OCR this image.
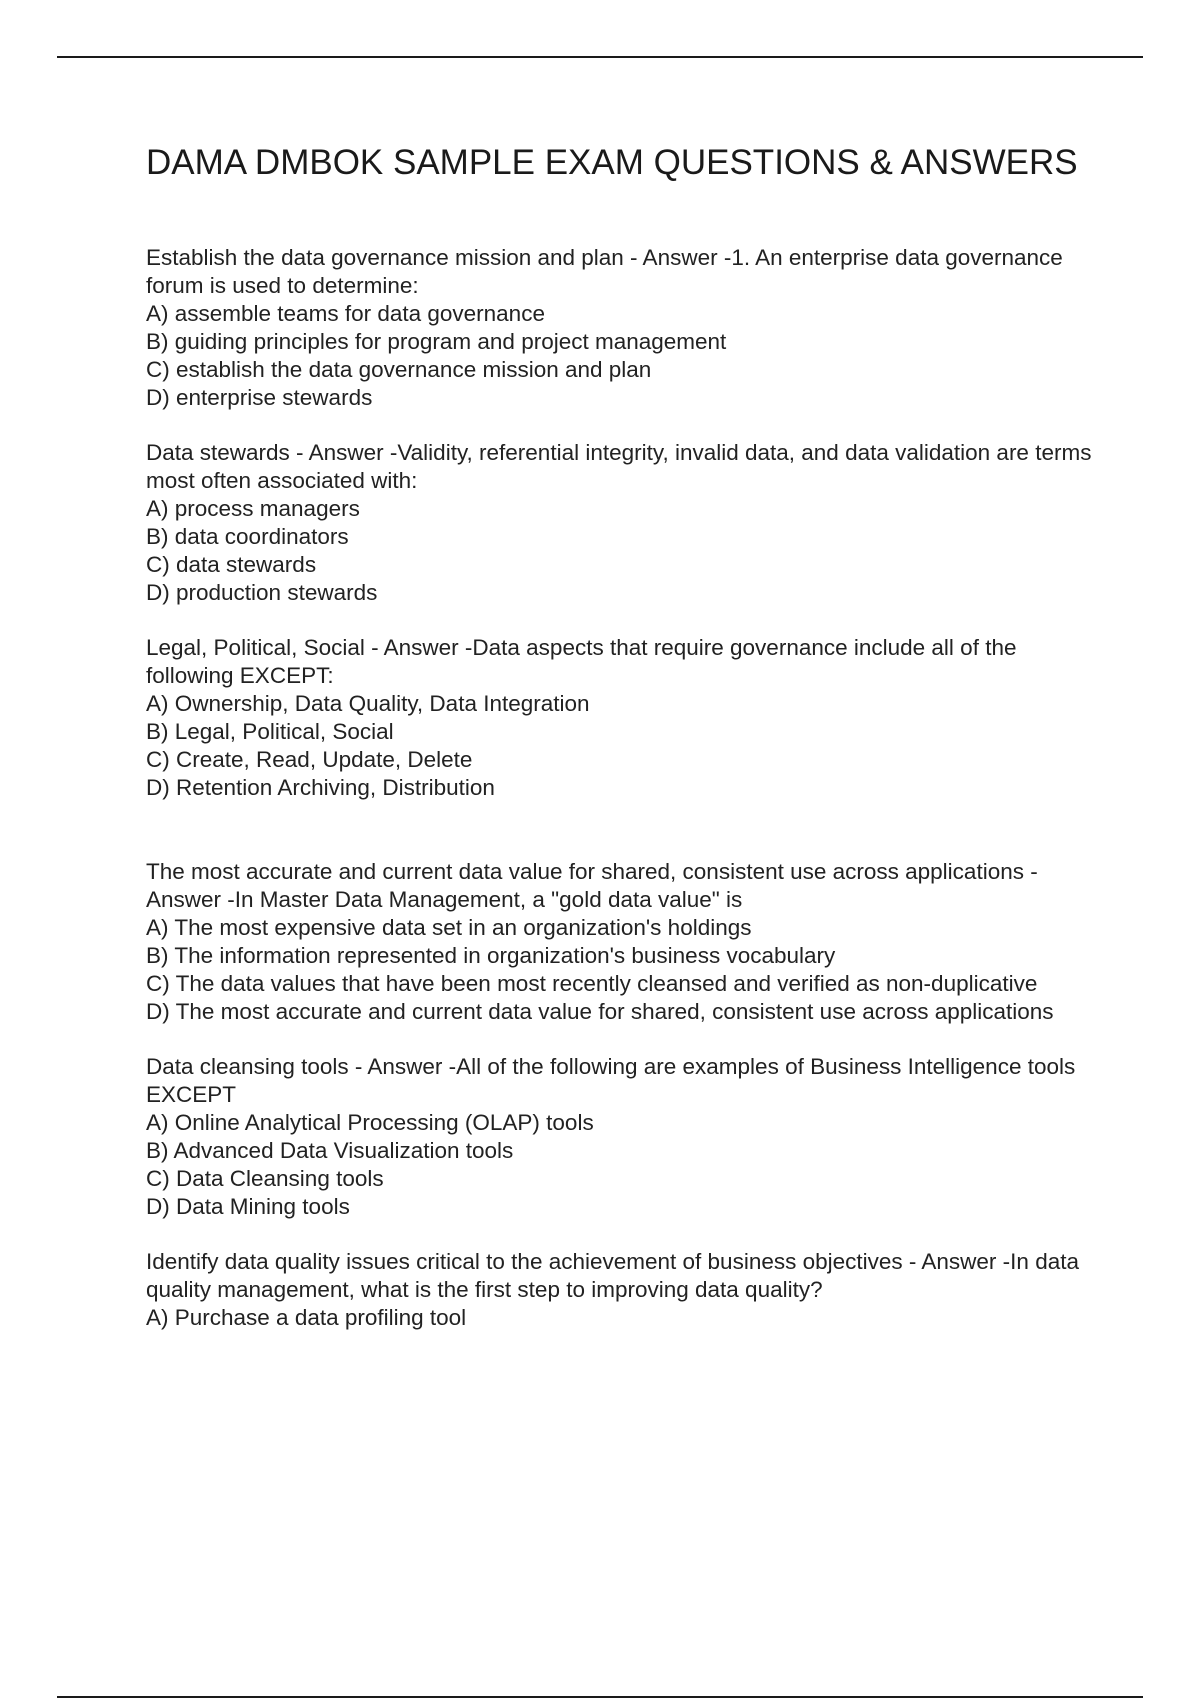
DAMA DMBOK SAMPLE EXAM QUESTIONS & ANSWERS

Establish the data governance mission and plan - Answer -1. An enterprise data governance forum is used to determine:

A) assemble teams for data governance

B) guiding principles for program and project management

C) establish the data governance mission and plan

D) enterprise stewards

Data stewards - Answer -Validity, referential integrity, invalid data, and data validation are terms most often associated with:

A) process managers

B) data coordinators

C) data stewards

D) production stewards

Legal, Political, Social - Answer -Data aspects that require governance include all of the following EXCEPT:

A) Ownership, Data Quality, Data Integration

B) Legal, Political, Social

C) Create, Read, Update, Delete

D) Retention Archiving, Distribution

The most accurate and current data value for shared, consistent use across applications - Answer -In Master Data Management, a "gold data value" is

A) The most expensive data set in an organization's holdings

B) The information represented in organization's business vocabulary

C) The data values that have been most recently cleansed and verified as non-duplicative

D) The most accurate and current data value for shared, consistent use across applications

Data cleansing tools - Answer -All of the following are examples of Business Intelligence tools EXCEPT

A) Online Analytical Processing (OLAP) tools

B) Advanced Data Visualization tools

C) Data Cleansing tools

D) Data Mining tools

Identify data quality issues critical to the achievement of business objectives - Answer -In data quality management, what is the first step to improving data quality?

A) Purchase a data profiling tool
